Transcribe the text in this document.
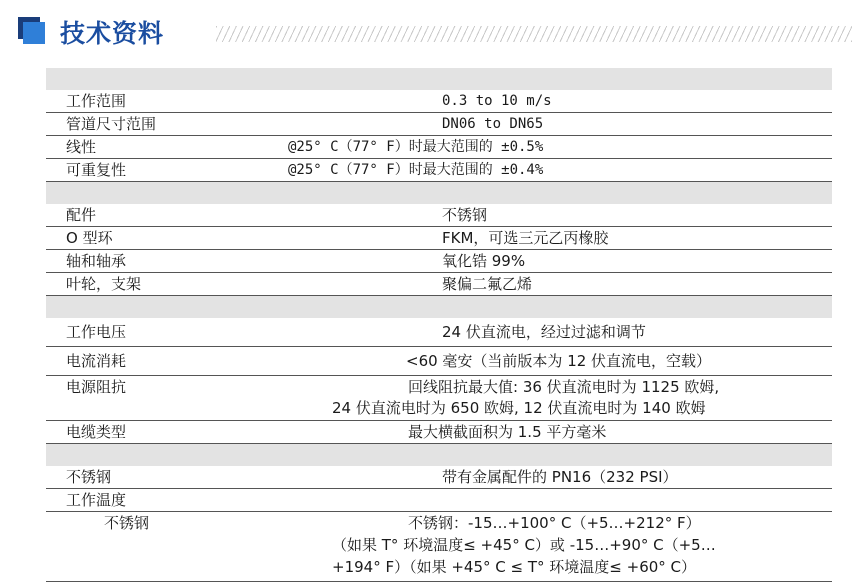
技术资料
工作范围	0.3 to 10 m/s
管道尺寸范围	DN06 to DN65
线性	@25° C（77° F）时最大范围的 ±0.5%
可重复性	@25° C（77° F）时最大范围的 ±0.4%
配件	不锈钢
O 型环	FKM，可选三元乙丙橡胶
轴和轴承	氧化锆 99%
叶轮，支架	聚偏二氟乙烯
工作电压	24 伏直流电，经过过滤和调节
电流消耗	<60 毫安（当前版本为 12 伏直流电，空载）
电源阻抗	回线阻抗最大值: 36 伏直流电时为 1125 欧姆,
24 伏直流电时为 650 欧姆, 12 伏直流电时为 140 欧姆
电缆类型	最大横截面积为 1.5 平方毫米
不锈钢	带有金属配件的 PN16（232 PSI）
工作温度
不锈钢	不锈钢：-15…+100° C（+5…+212° F）
（如果 T° 环境温度≤ +45° C）或 -15…+90° C（+5…
+194° F）（如果 +45° C ≤ T° 环境温度≤ +60° C）
